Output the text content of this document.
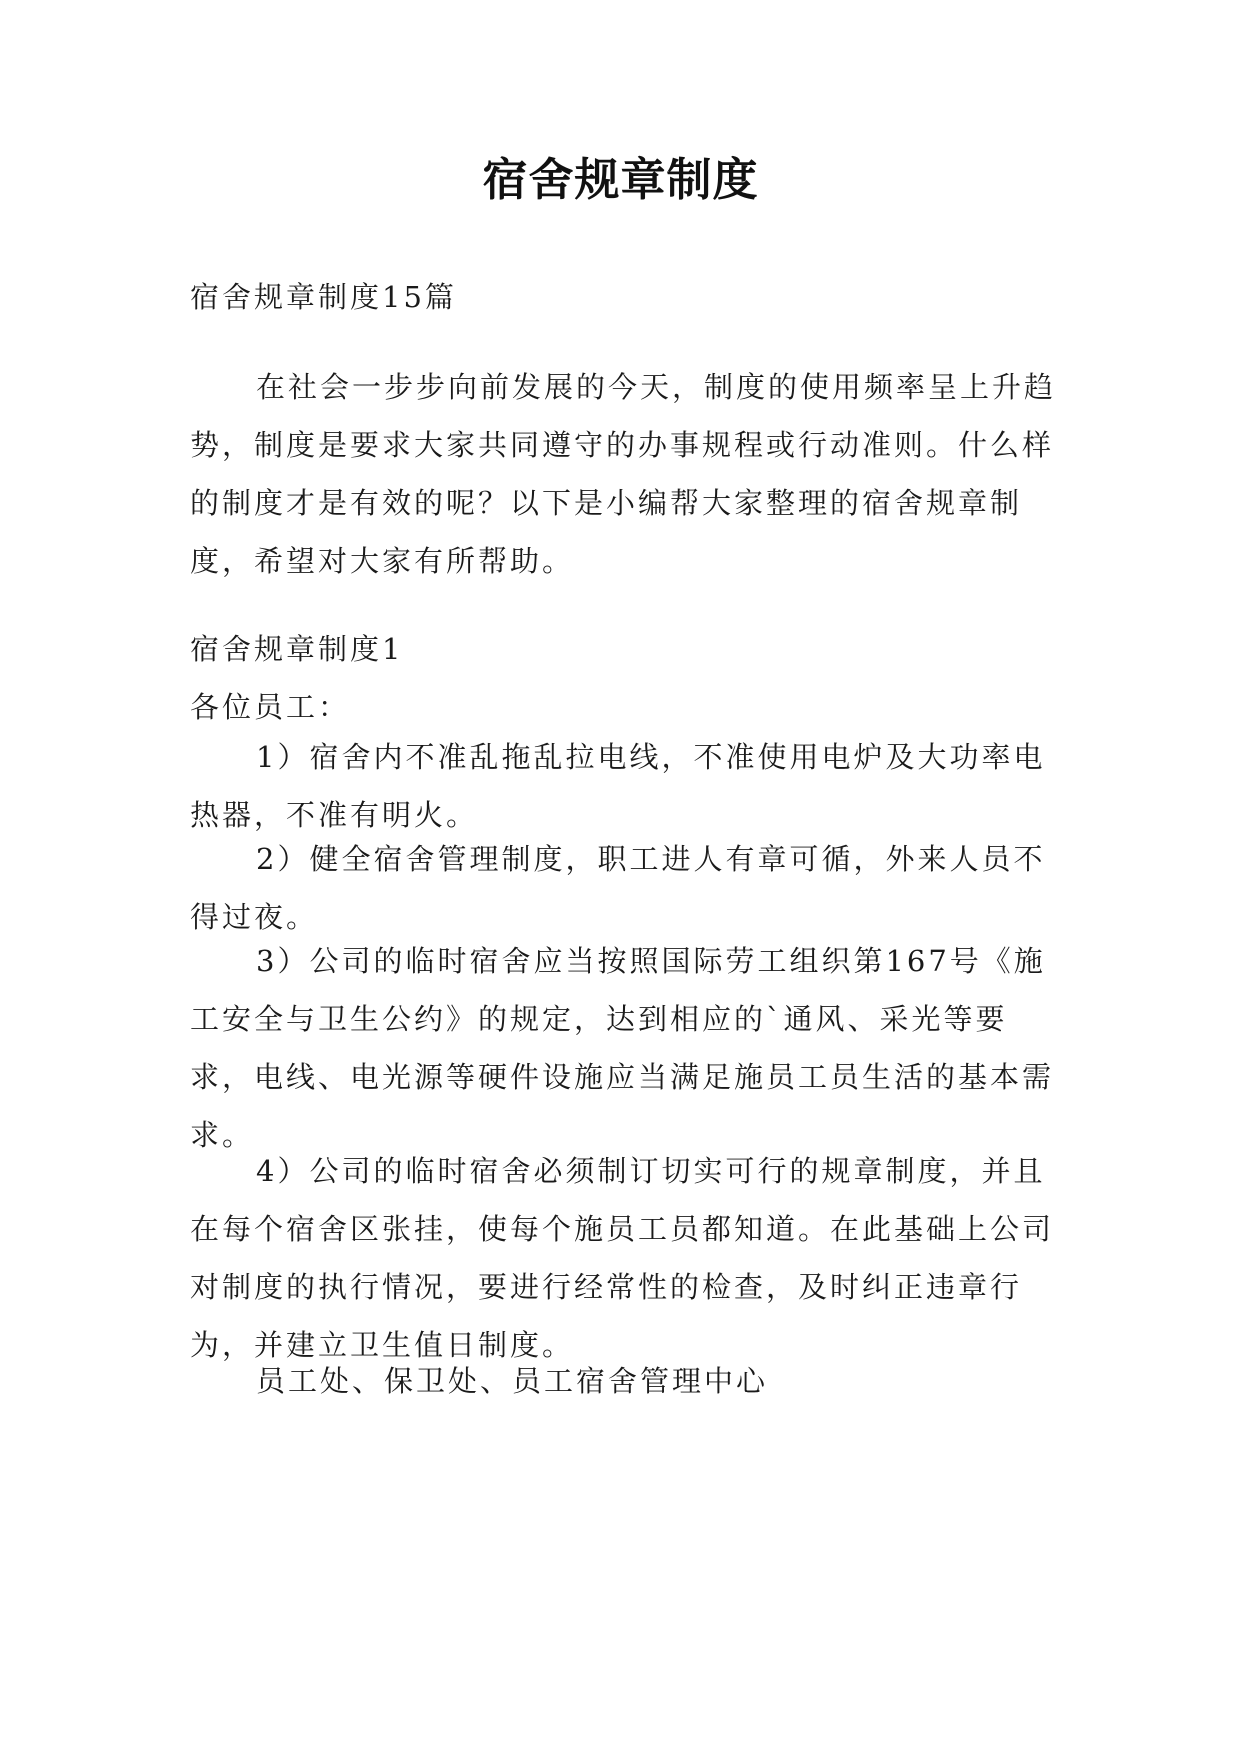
宿舍规章制度

宿舍规章制度15篇

在社会一步步向前发展的今天，制度的使用频率呈上升趋势，制度是要求大家共同遵守的办事规程或行动准则。什么样的制度才是有效的呢？以下是小编帮大家整理的宿舍规章制度，希望对大家有所帮助。

宿舍规章制度1

各位员工：

1）宿舍内不准乱拖乱拉电线，不准使用电炉及大功率电热器，不准有明火。

2）健全宿舍管理制度，职工进人有章可循，外来人员不得过夜。

3）公司的临时宿舍应当按照国际劳工组织第167号《施工安全与卫生公约》的规定，达到相应的`通风、采光等要求，电线、电光源等硬件设施应当满足施员工员生活的基本需求。

4）公司的临时宿舍必须制订切实可行的规章制度，并且在每个宿舍区张挂，使每个施员工员都知道。在此基础上公司对制度的执行情况，要进行经常性的检查，及时纠正违章行为，并建立卫生值日制度。

员工处、保卫处、员工宿舍管理中心
